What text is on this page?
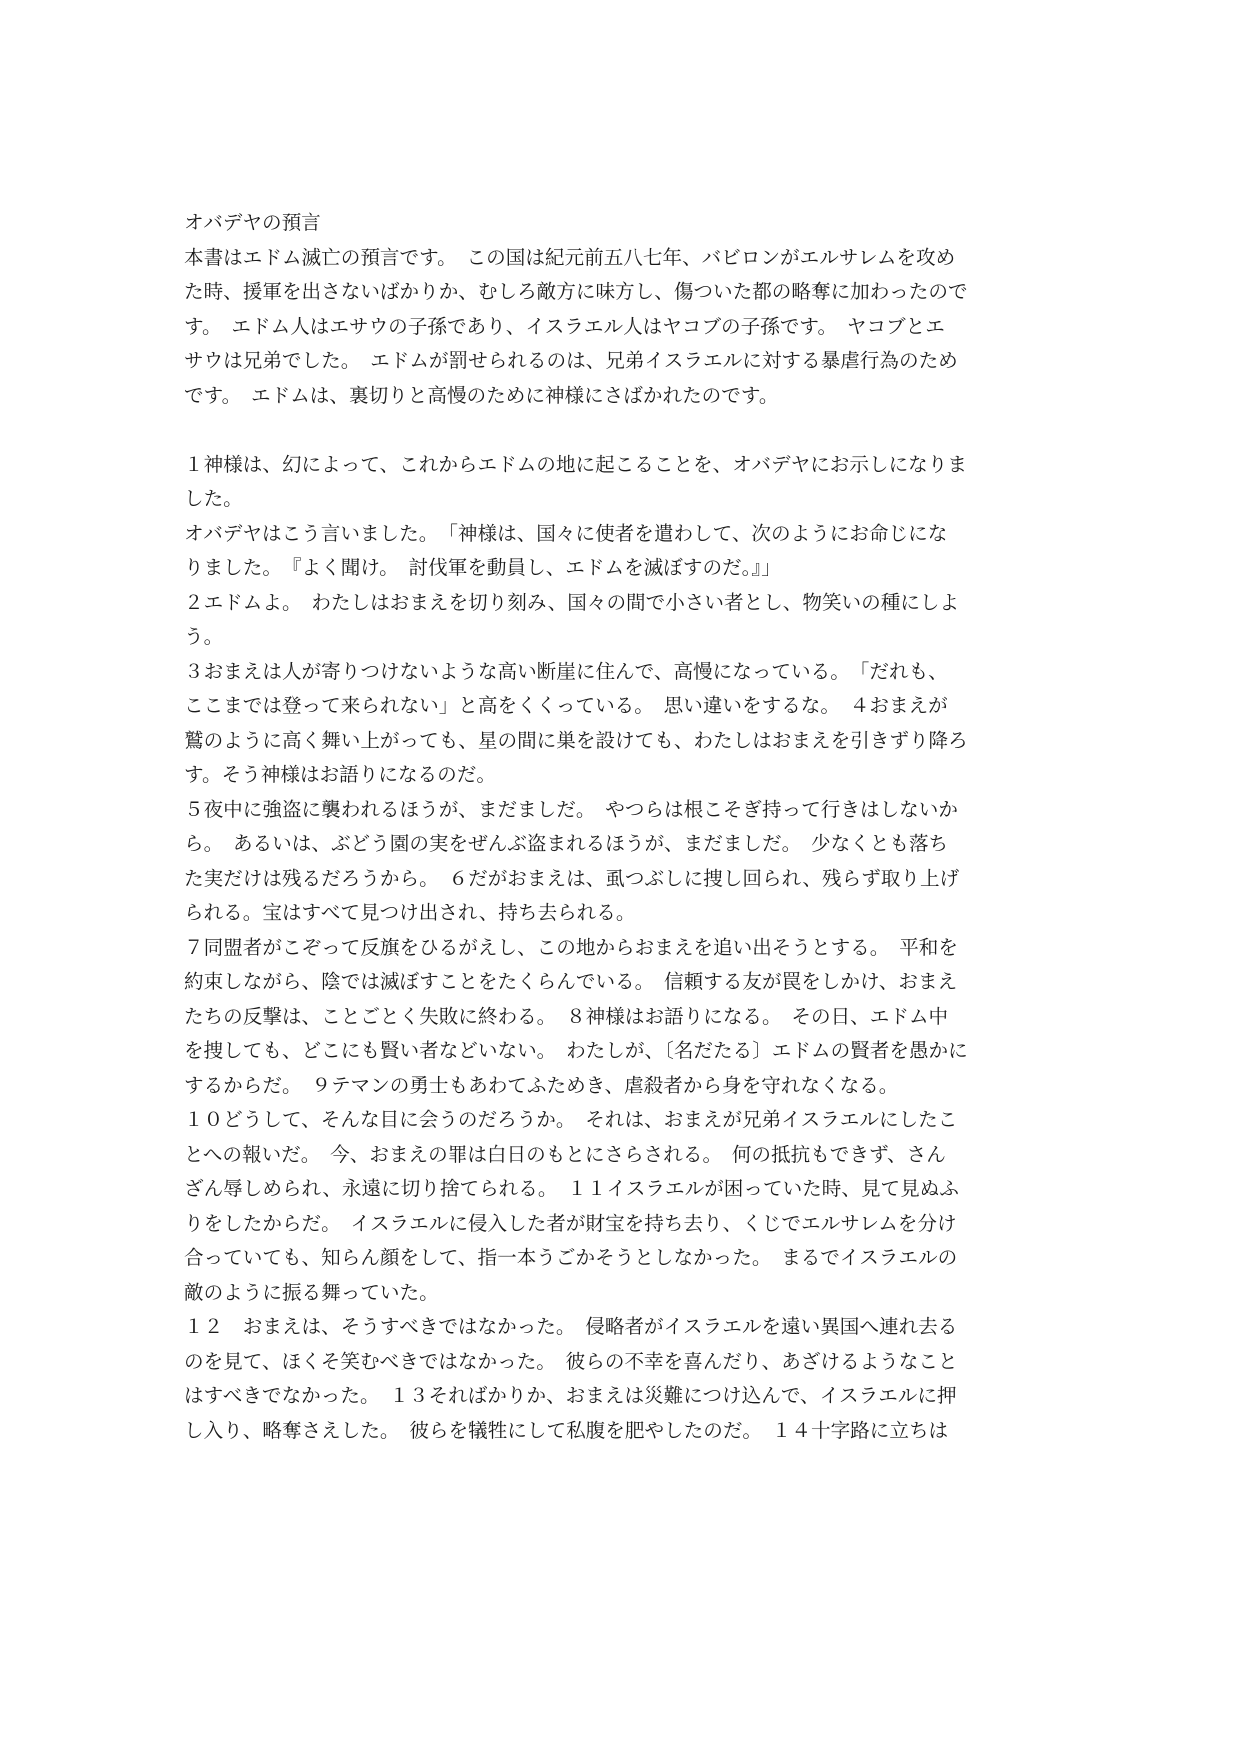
オバデヤの預言
本書はエドム滅亡の預言です。　この国は紀元前五八七年、バビロンがエルサレムを攻め
た時、援軍を出さないばかりか、むしろ敵方に味方し、傷ついた都の略奪に加わったので
す。　エドム人はエサウの子孫であり、イスラエル人はヤコブの子孫です。　ヤコブとエ
サウは兄弟でした。　エドムが罰せられるのは、兄弟イスラエルに対する暴虐行為のため
です。　エドムは、裏切りと高慢のために神様にさばかれたのです。
１神様は、幻によって、これからエドムの地に起こることを、オバデヤにお示しになりま
した。
オバデヤはこう言いました。　「神様は、国々に使者を遣わして、次のようにお命じにな
りました。　『よく聞け。　討伐軍を動員し、エドムを滅ぼすのだ。』」
２エドムよ。　わたしはおまえを切り刻み、国々の間で小さい者とし、物笑いの種にしよ
う。
３おまえは人が寄りつけないような高い断崖に住んで、高慢になっている。　「だれも、
ここまでは登って来られない」と高をくくっている。　思い違いをするな。　４おまえが
鷲のように高く舞い上がっても、星の間に巣を設けても、わたしはおまえを引きずり降ろ
す。そう神様はお語りになるのだ。
５夜中に強盗に襲われるほうが、まだましだ。　やつらは根こそぎ持って行きはしないか
ら。　あるいは、ぶどう園の実をぜんぶ盗まれるほうが、まだましだ。　少なくとも落ち
た実だけは残るだろうから。　６だがおまえは、虱つぶしに捜し回られ、残らず取り上げ
られる。宝はすべて見つけ出され、持ち去られる。
７同盟者がこぞって反旗をひるがえし、この地からおまえを追い出そうとする。　平和を
約束しながら、陰では滅ぼすことをたくらんでいる。　信頼する友が罠をしかけ、おまえ
たちの反撃は、ことごとく失敗に終わる。　８神様はお語りになる。　その日、エドム中
を捜しても、どこにも賢い者などいない。　わたしが、〔名だたる〕エドムの賢者を愚かに
するからだ。　９テマンの勇士もあわてふためき、虐殺者から身を守れなくなる。
１０どうして、そんな目に会うのだろうか。　それは、おまえが兄弟イスラエルにしたこ
とへの報いだ。　今、おまえの罪は白日のもとにさらされる。　何の抵抗もできず、さん
ざん辱しめられ、永遠に切り捨てられる。　１１イスラエルが困っていた時、見て見ぬふ
りをしたからだ。　イスラエルに侵入した者が財宝を持ち去り、くじでエルサレムを分け
合っていても、知らん顔をして、指一本うごかそうとしなかった。　まるでイスラエルの
敵のように振る舞っていた。
１２　おまえは、そうすべきではなかった。　侵略者がイスラエルを遠い異国へ連れ去る
のを見て、ほくそ笑むべきではなかった。　彼らの不幸を喜んだり、あざけるようなこと
はすべきでなかった。　１３そればかりか、おまえは災難につけ込んで、イスラエルに押
し入り、略奪さえした。　彼らを犠牲にして私腹を肥やしたのだ。　１４十字路に立ちは
